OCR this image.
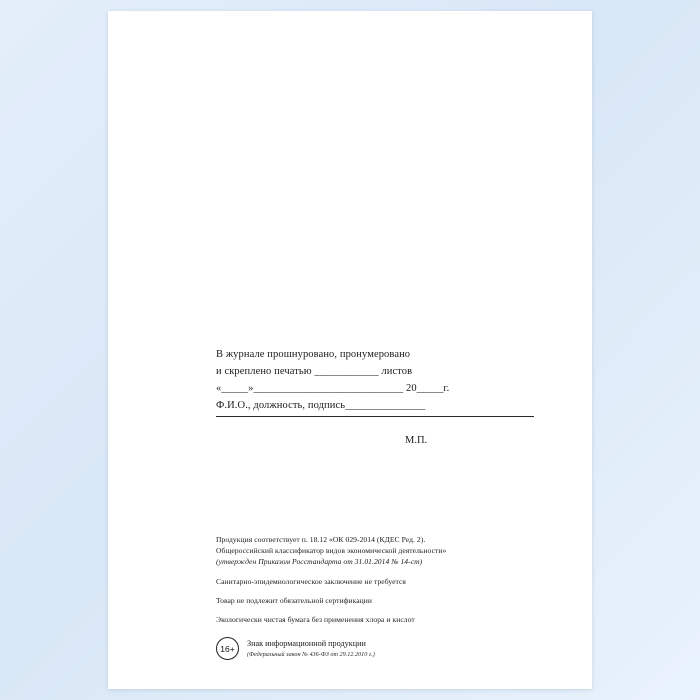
В журнале прошнуровано, пронумеровано
и скреплено печатью ____________ листов
«_____»____________________________ 20_____г.
Ф.И.О., должность, подпись_______________
М.П.

Продукция соответствует п. 18.12 «ОК 029-2014 (КДЕС Ред. 2).

Общероссийский классификатор видов экономической деятельности»

(утвержден Приказом Росстандарта от 31.01.2014 № 14-ст)

Санитарно-эпидемиологическое заключение не требуется

Товар не подлежит обязательной сертификации

Экологически чистая бумага без применения хлора и кислот

16+	Знак информационной продукции
(Федеральный закон № 436-ФЗ от 29.12.2010 г.)
